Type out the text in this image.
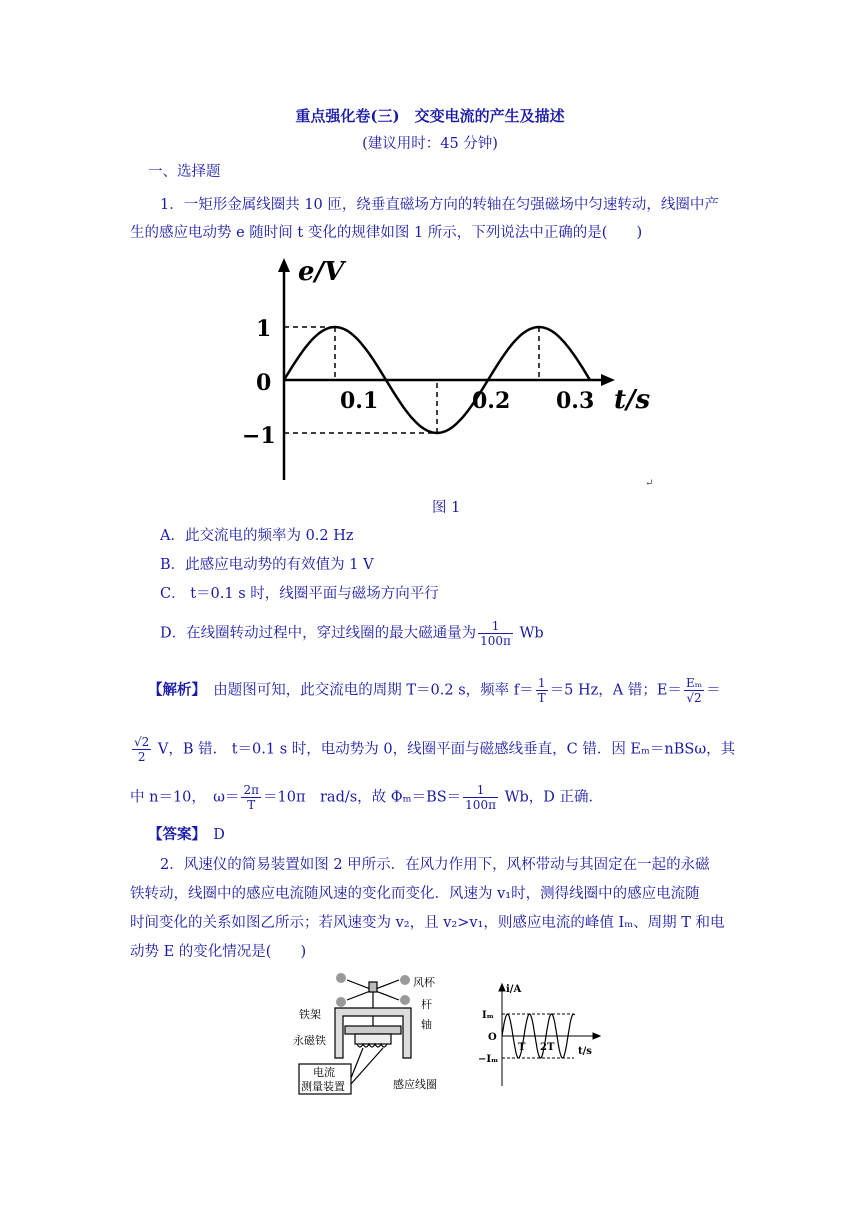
重点强化卷(三)　交变电流的产生及描述
(建议用时：45 分钟)
一、选择题
1．一矩形金属线圈共 10 匝，绕垂直磁场方向的转轴在匀强磁场中匀速转动，线圈中产
生的感应电动势 e 随时间 t 变化的规律如图 1 所示，下列说法中正确的是(　　)
e/V
t/s
1
0
−1
0.1	0.2 0.3
↵
图 1
A．此交流电的频率为 0.2 Hz
B．此感应电动势的有效值为 1 V
C． t＝0.1 s 时，线圈平面与磁场方向平行
D．在线圈转动过程中，穿过线圈的最大磁通量为 $\frac{1}{100\pi}$ Wb
【解析】　由题图可知，此交流电的周期 T＝0.2 s，频率 $f= \frac{1}{T} =5$ Hz，A 错；$E= \frac{\text{Eₘ}}{√2}$ ＝
$\frac{√2}{2}$ V，B 错． t＝0.1 s 时，电动势为 0，线圈平面与磁感线垂直，C 错．因 Eₘ＝nBSω，其
中 n＝10，　$\omega= \frac{2\pi}{T} =10\pi$　rad/s，故 $\Phi_m=BS= \frac{1}{100\pi}$ Wb，D 正确．
【答案】　D
2．风速仪的简易装置如图 2 甲所示．在风力作用下，风杯带动与其固定在一起的永磁
铁转动，线圈中的感应电流随风速的变化而变化．风速为 v₁时，测得线圈中的感应电流随
时间变化的关系如图乙所示；若风速变为 v₂，且 v₂>v₁，则感应电流的峰值 Iₘ、周期 T 和电
动势 E 的变化情况是(　　)
风杯
杆
铁架
轴
永磁铁
电流
测量装置	感应线圈
i/A
t/s
Iₘ
O
−Iₘ
T 2T
